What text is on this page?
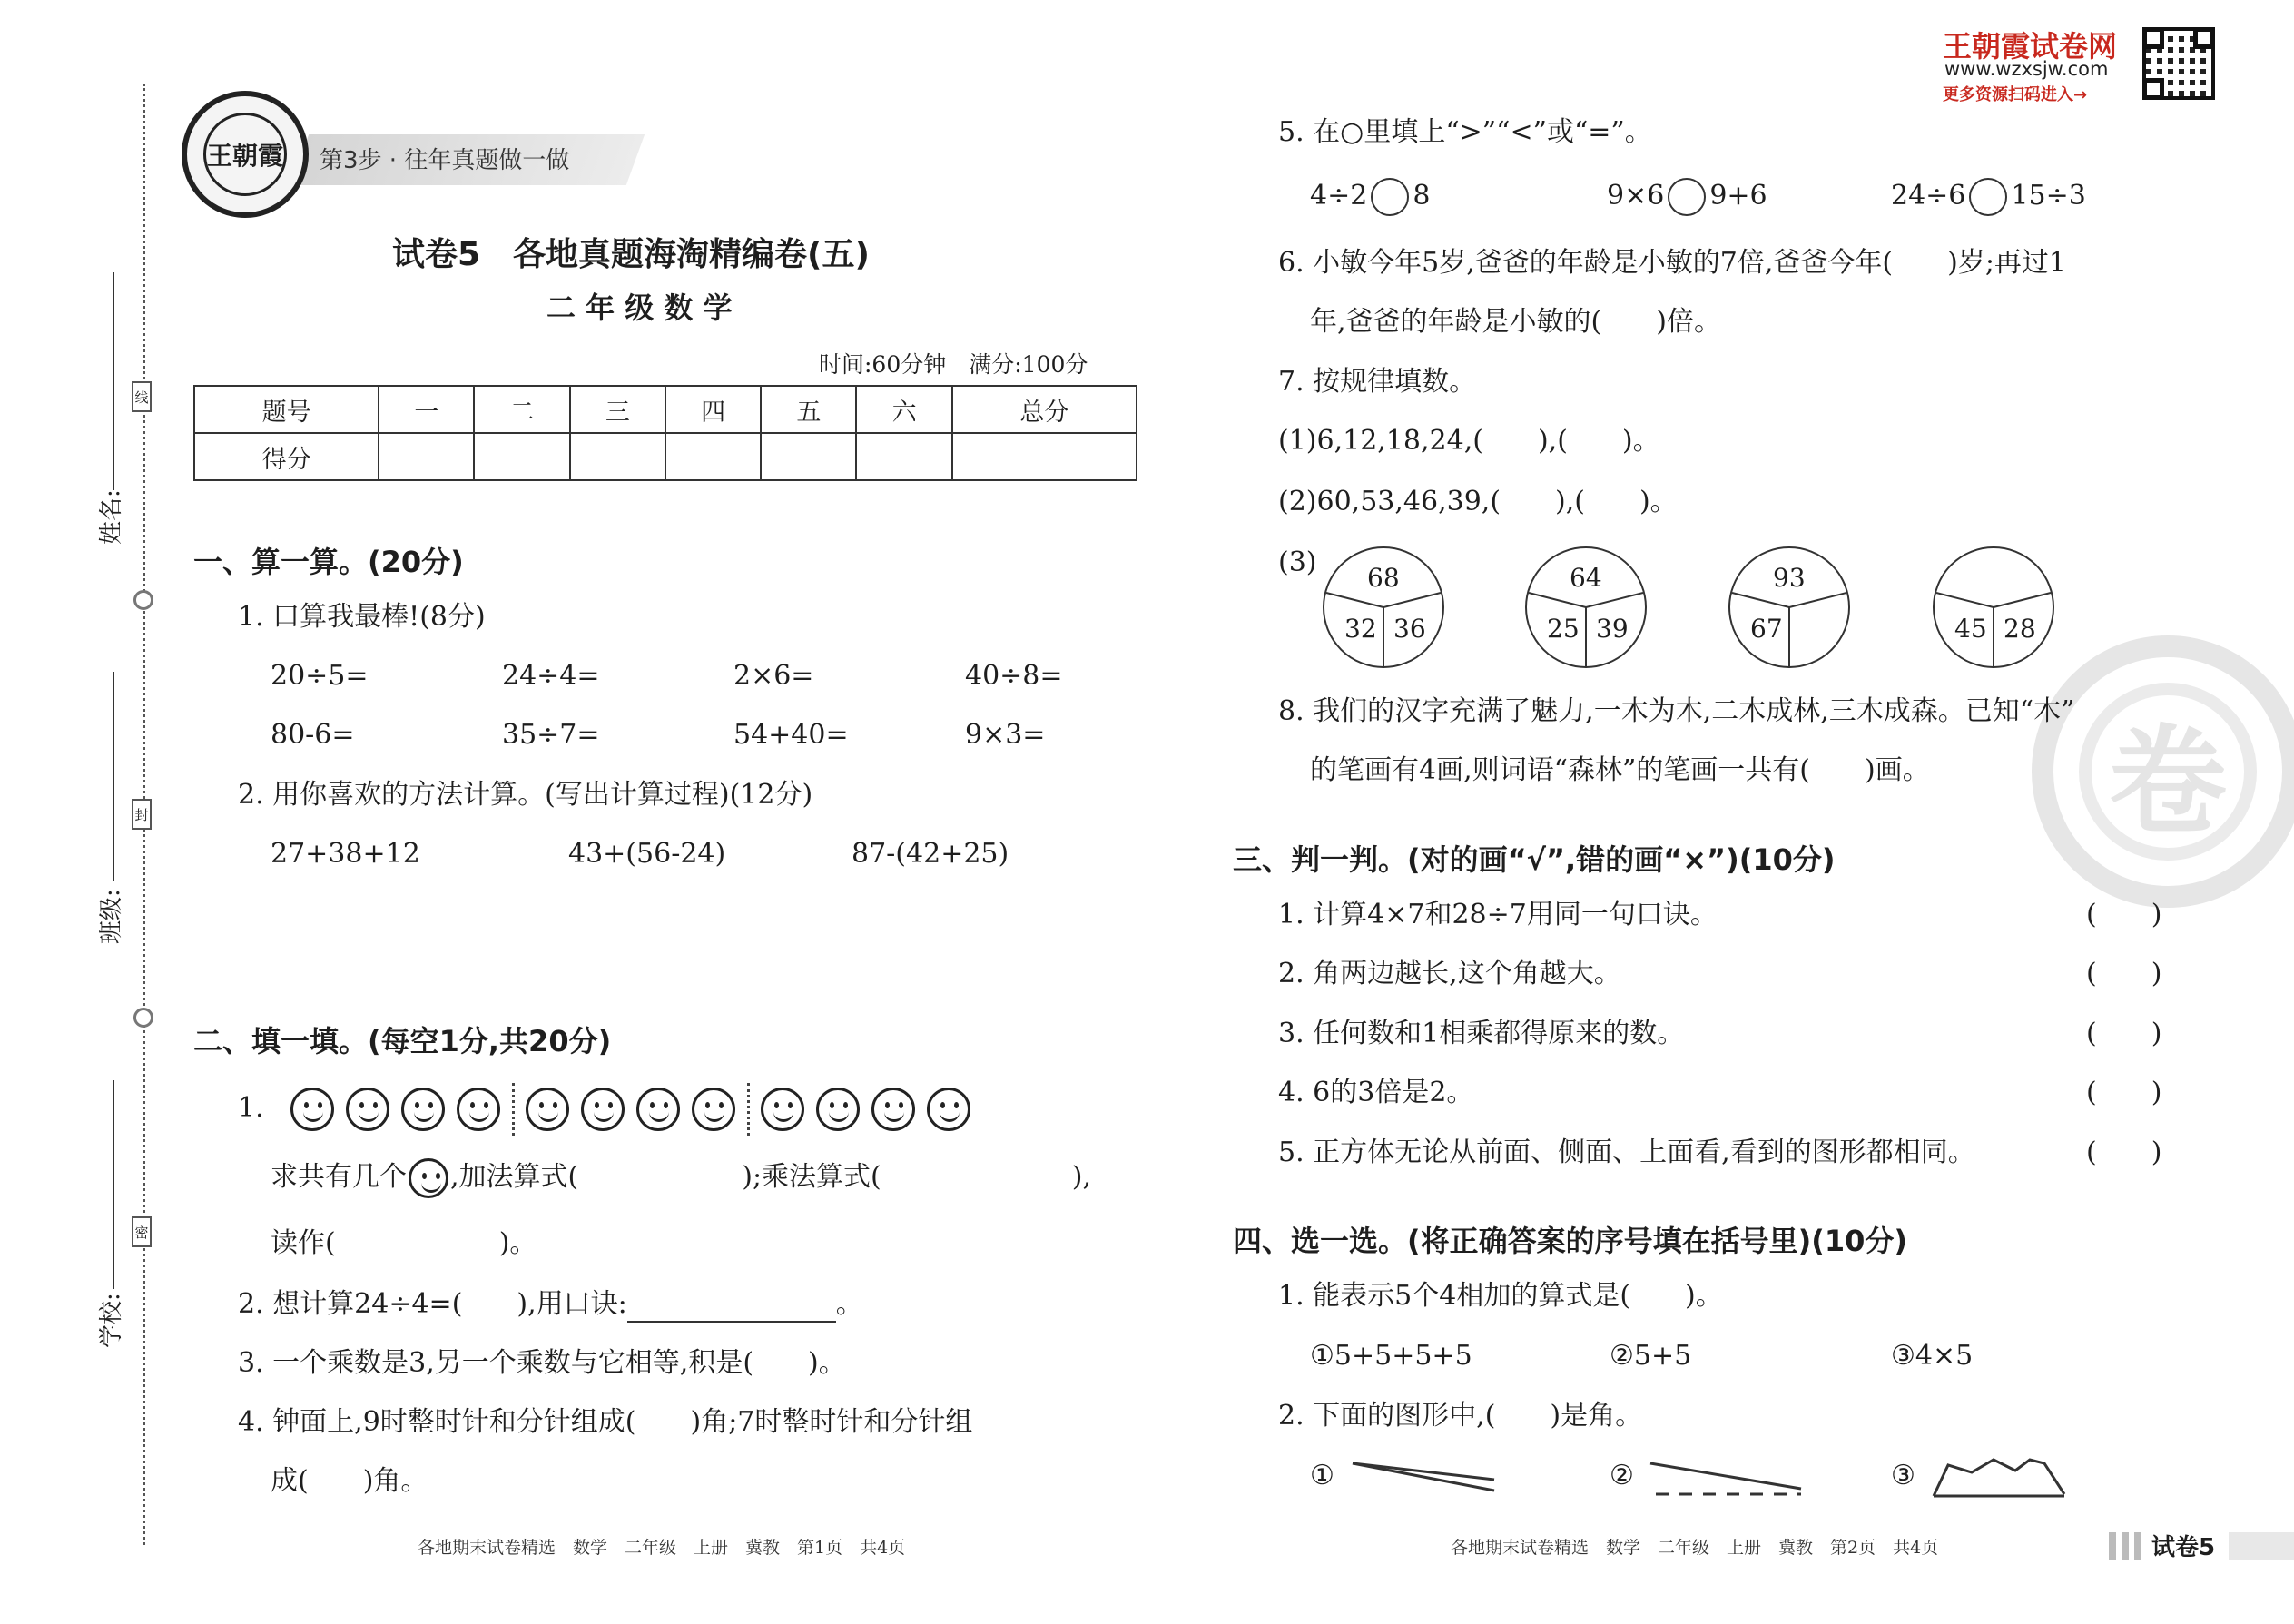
线
封
密
姓名:
班级:
学校:
第3步 · 往年真题做一做
王朝霞
试卷5　各地真题海淘精编卷(五)
二 年 级 数 学
时间:60分钟　满分:100分
题号	一	二	三	四	五	六	总分
得分							
一、算一算。(20分)
1. 口算我最棒!(8分)
20÷5=	24÷4=	2×6=	40÷8=
80-6=	35÷7=	54+40=	9×3=
2. 用你喜欢的方法计算。(写出计算过程)(12分)
27+38+12	43+(56-24)	87-(42+25)
二、填一填。(每空1分,共20分)
1.
求共有几个 ,加法算式(　　　　　　);乘法算式(　　　　　　　),
读作(　　　　　　)。
2. 想计算24÷4=(　　),用口诀:	。
3. 一个乘数是3,另一个乘数与它相等,积是(　　)。
4. 钟面上,9时整时针和分针组成(　　)角;7时整时针和分针组
成(　　)角。
各地期末试卷精选　数学　二年级　上册　冀教　第1页　共4页
王朝霞试卷网
www.wzxsjw.com
更多资源扫码进入→
卷
5. 在○里填上“>”“<”或“=”。
4÷2 8	9×6 9+6	24÷6 15÷3
6. 小敏今年5岁,爸爸的年龄是小敏的7倍,爸爸今年(　　)岁;再过1
年,爸爸的年龄是小敏的(　　)倍。
7. 按规律填数。
(1)6,12,18,24,(　　),(　　)。
(2)60,53,46,39,(　　),(　　)。
(3) 68
32 36
64
25 39
93
67	45 28
8. 我们的汉字充满了魅力,一木为木,二木成林,三木成森。已知“木”
的笔画有4画,则词语“森林”的笔画一共有(　　)画。
三、判一判。(对的画“√”,错的画“×”)(10分)
1. 计算4×7和28÷7用同一句口诀。	(　　)
2. 角两边越长,这个角越大。	(　　)
3. 任何数和1相乘都得原来的数。	(　　)
4. 6的3倍是2。	(　　)
5. 正方体无论从前面、侧面、上面看,看到的图形都相同。	(　　)
四、选一选。(将正确答案的序号填在括号里)(10分)
1. 能表示5个4相加的算式是(　　)。
①5+5+5+5	②5+5	③4×5
2. 下面的图形中,(　　)是角。
①	②	③
各地期末试卷精选　数学　二年级　上册　冀教　第2页　共4页	试卷5
